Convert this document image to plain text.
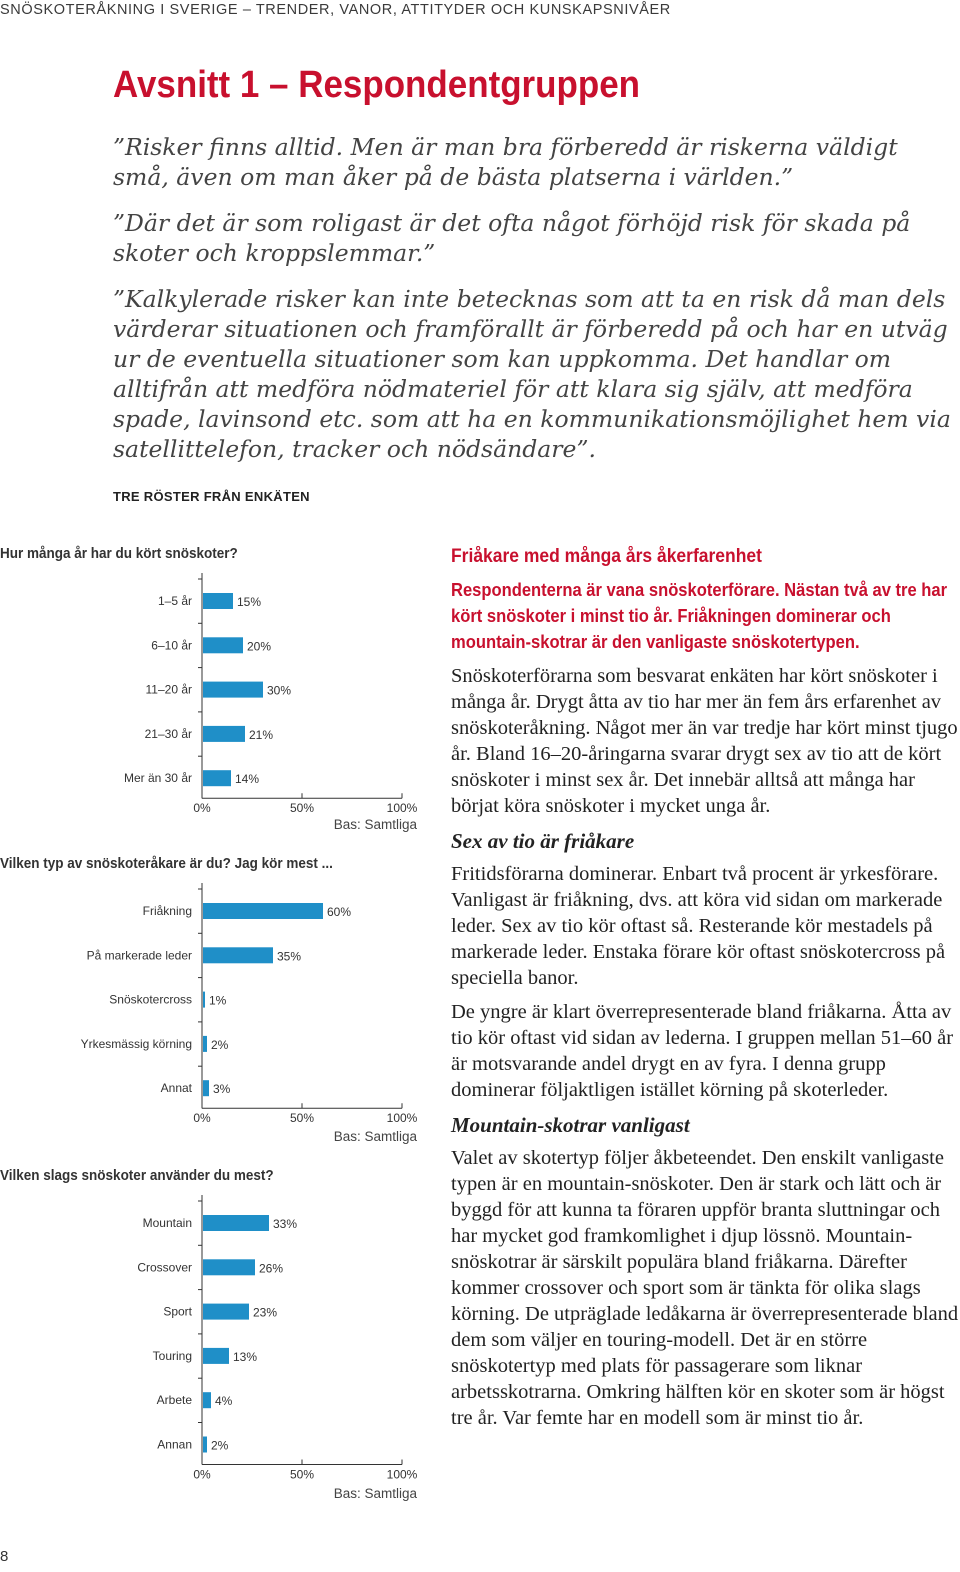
SNÖSKOTERÅKNING I SVERIGE – TRENDER, VANOR, ATTITYDER OCH KUNSKAPSNIVÅER
Avsnitt 1 – Respondentgruppen

”Risker finns alltid. Men är man bra förberedd är riskerna väldigt små, även om man åker på de bästa platserna i världen.”

”Där det är som roligast är det ofta något förhöjd risk för skada på skoter och kroppslemmar.”

”Kalkylerade risker kan inte betecknas som att ta en risk då man dels värderar situationen och framförallt är förberedd på och har en utväg ur de eventuella situationer som kan uppkomma. Det handlar om alltifrån att medföra nödmateriel för att klara sig själv, att medföra spade, lavinsond etc. som att ha en kommunikationsmöjlighet hem via satellittelefon, tracker och nödsändare”.

TRE RÖSTER FRÅN ENKÄTEN
Hur många år har du kört snöskoter?
0%	50%	100%
1–5 år	15%
6–10 år	20%
11–20 år	30%
21–30 år	21%
Mer än 30 år	14%
Bas: Samtliga
Vilken typ av snöskoteråkare är du? Jag kör mest ...
0%	50%	100%
Friåkning	60%
På markerade leder	35%
Snöskotercross 1%
Yrkesmässig körning 2%
Annat 3%
Bas: Samtliga
Vilken slags snöskoter använder du mest?
0%	50%	100%
Mountain	33%
Crossover	26%
Sport	23%
Touring	13%
Arbete 4%
Annan 2%
Bas: Samtliga
Friåkare med många års åkerfarenhet

Respondenterna är vana snöskoterförare. Nästan två av tre har kört snöskoter i minst tio år. Friåkningen dominerar och mountain-skotrar är den vanligaste snöskotertypen.

Snöskoterförarna som besvarat enkäten har kört snöskoter i många år. Drygt åtta av tio har mer än fem års erfarenhet av snöskoteråkning. Något mer än var tredje har kört minst tjugo år. Bland 16–20-åringarna svarar drygt sex av tio att de kört snöskoter i minst sex år. Det innebär alltså att många har börjat köra snöskoter i mycket unga år.

Sex av tio är friåkare

Fritidsförarna dominerar. Enbart två procent är yrkesförare. Vanligast är friåkning, dvs. att köra vid sidan om markerade leder. Sex av tio kör oftast så. Resterande kör mestadels på markerade leder. Enstaka förare kör oftast snöskotercross på speciella banor.

De yngre är klart överrepresenterade bland friåkarna. Åtta av tio kör oftast vid sidan av lederna. I gruppen mellan 51–60 år är motsvarande andel drygt en av fyra. I denna grupp dominerar följaktligen istället körning på skoterleder.

Mountain-skotrar vanligast

Valet av skotertyp följer åkbeteendet. Den enskilt vanligaste typen är en mountain-snöskoter. Den är stark och lätt och är byggd för att kunna ta föraren uppför branta sluttningar och har mycket god framkomlighet i djup lössnö. Mountain-snöskotrar är särskilt populära bland friåkarna. Därefter kommer crossover och sport som är tänkta för olika slags körning. De utpräglade ledåkarna är överrepresenterade bland dem som väljer en touring-modell. Det är en större snöskotertyp med plats för passagerare som liknar arbetsskotrarna. Omkring hälften kör en skoter som är högst tre år. Var femte har en modell som är minst tio år.

8
